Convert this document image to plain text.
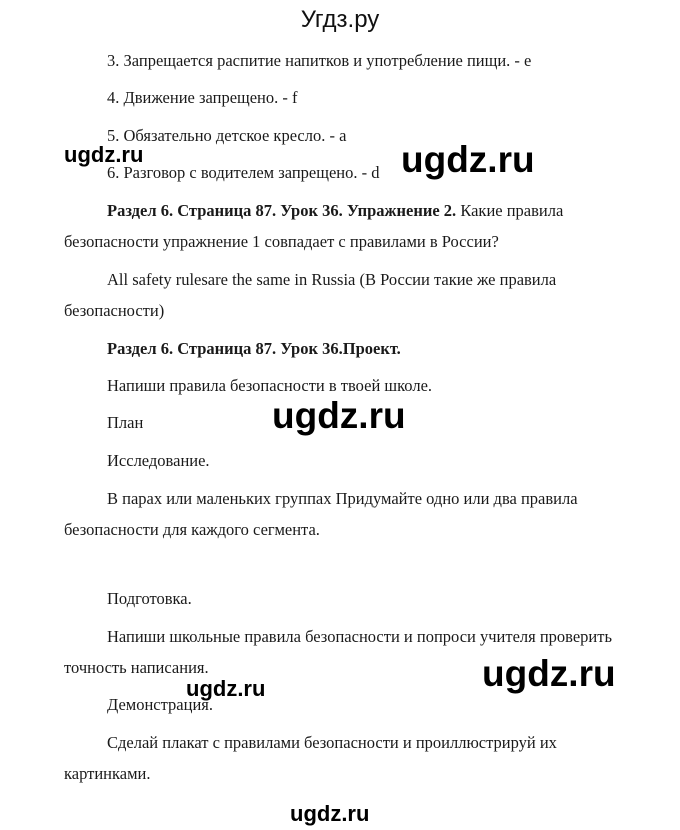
Угдз.ру
3. Запрещается распитие напитков и употребление пищи. - e
4. Движение запрещено. - f
5. Обязательно детское кресло. - a
6. Разговор с водителем запрещено. - d
Раздел 6. Страница 87. Урок 36. Упражнение 2. Какие правила
безопасности упражнение 1 совпадает с правилами в России?
All safety rulesare the same in Russia (В России такие же правила
безопасности)
Раздел 6. Страница 87. Урок 36.Проект.
Напиши правила безопасности в твоей школе.
План
Исследование.
В парах или маленьких группах Придумайте одно или два правила
безопасности для каждого сегмента.
Подготовка.
Напиши школьные правила безопасности и попроси учителя проверить
точность написания.
Демонстрация.
Сделай плакат с правилами безопасности и проиллюстрируй их
картинками.
ugdz.ru	ugdz.ru
ugdz.ru
ugdz.ru
ugdz.ru
ugdz.ru
